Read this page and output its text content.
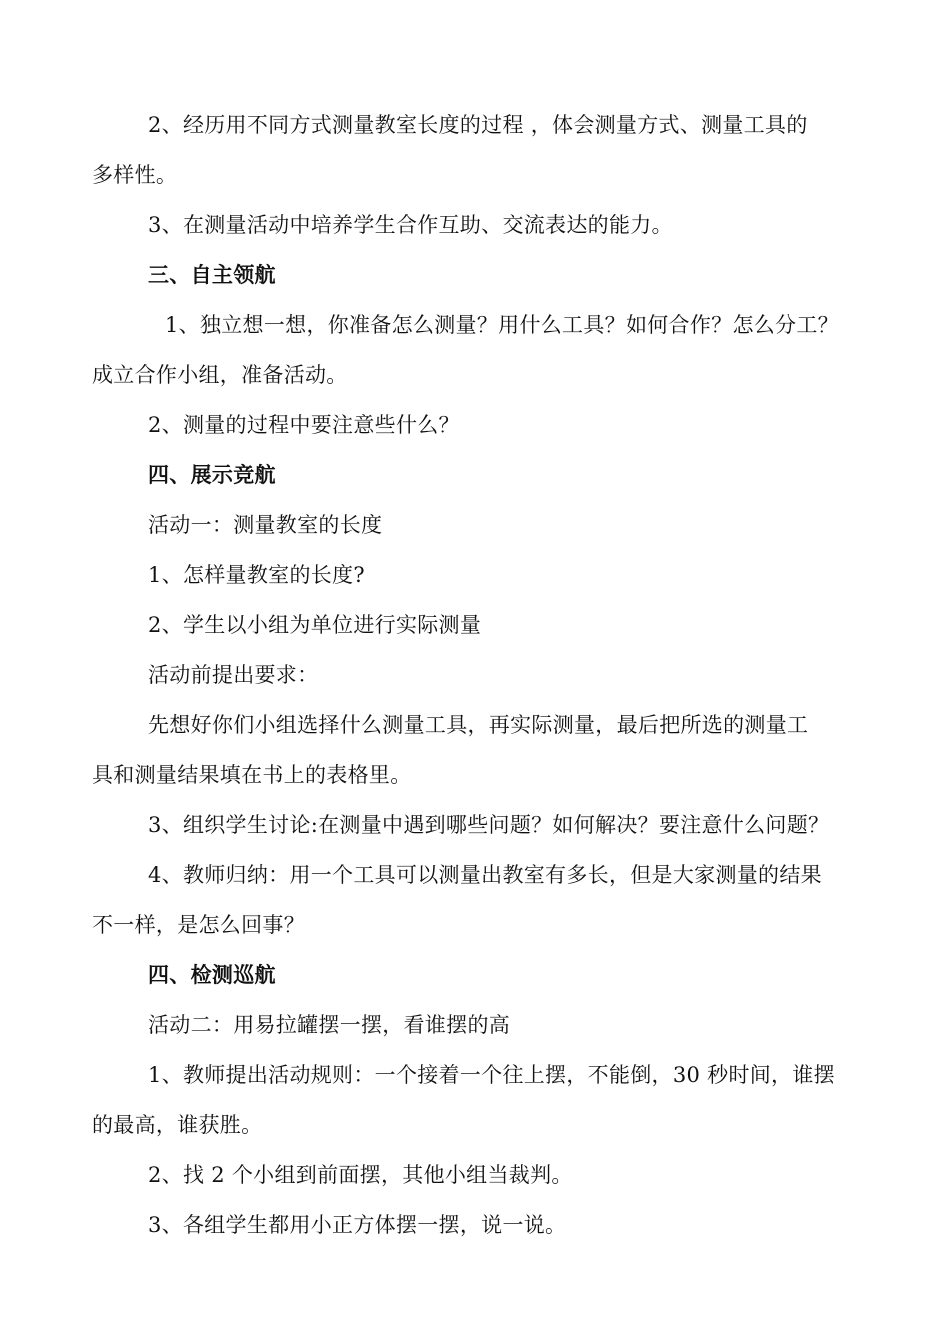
2、经历用不同方式测量教室长度的过程 ，体会测量方式、测量工具的
多样性。
3、在测量活动中培养学生合作互助、交流表达的能力。
三、自主领航
1、独立想一想，你准备怎么测量？用什么工具？如何合作？怎么分工？
成立合作小组，准备活动。
2、测量的过程中要注意些什么？
四、展示竞航
活动一：测量教室的长度
1、怎样量教室的长度?
2、学生以小组为单位进行实际测量
活动前提出要求：
先想好你们小组选择什么测量工具，再实际测量，最后把所选的测量工
具和测量结果填在书上的表格里。
3、组织学生讨论:在测量中遇到哪些问题？如何解决？要注意什么问题？
4、教师归纳：用一个工具可以测量出教室有多长，但是大家测量的结果
不一样，是怎么回事？
四、检测巡航
活动二：用易拉罐摆一摆，看谁摆的高
1、教师提出活动规则：一个接着一个往上摆，不能倒，30 秒时间，谁摆
的最高，谁获胜。
2、找 2 个小组到前面摆，其他小组当裁判。
3、各组学生都用小正方体摆一摆，说一说。
